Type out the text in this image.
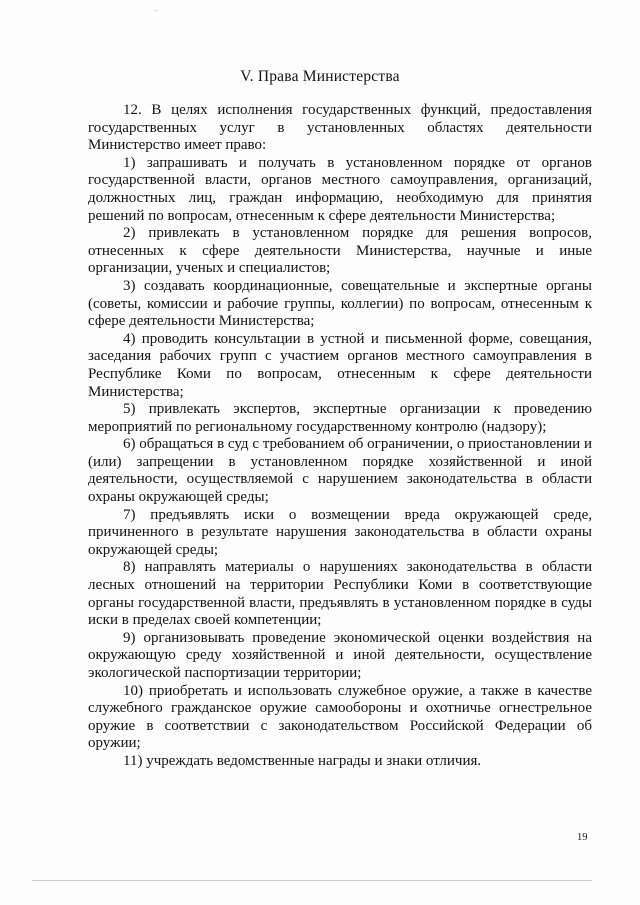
V. Права Министерства

12. В целях исполнения государственных функций, предоставления государственных услуг в установленных областях деятельности Министерство имеет право:

1) запрашивать и получать в установленном порядке от органов государственной власти, органов местного самоуправления, организаций, должностных лиц, граждан информацию, необходимую для принятия решений по вопросам, отнесенным к сфере деятельности Министерства;

2) привлекать в установленном порядке для решения вопросов, отнесенных к сфере деятельности Министерства, научные и иные организации, ученых и специалистов;

3) создавать координационные, совещательные и экспертные органы (советы, комиссии и рабочие группы, коллегии) по вопросам, отнесенным к сфере деятельности Министерства;

4) проводить консультации в устной и письменной форме, совещания, заседания рабочих групп с участием органов местного самоуправления в Республике Коми по вопросам, отнесенным к сфере деятельности Министерства;

5) привлекать экспертов, экспертные организации к проведению мероприятий по региональному государственному контролю (надзору);

6) обращаться в суд с требованием об ограничении, о приостановлении и (или) запрещении в установленном порядке хозяйственной и иной деятельности, осуществляемой с нарушением законодательства в области охраны окружающей среды;

7) предъявлять иски о возмещении вреда окружающей среде, причиненного в результате нарушения законодательства в области охраны окружающей среды;

8) направлять материалы о нарушениях законодательства в области лесных отношений на территории Республики Коми в соответствующие органы государственной власти, предъявлять в установленном порядке в суды иски в пределах своей компетенции;

9) организовывать проведение экономической оценки воздействия на окружающую среду хозяйственной и иной деятельности, осуществление экологической паспортизации территории;

10) приобретать и использовать служебное оружие, а также в качестве служебного гражданское оружие самообороны и охотничье огнестрельное оружие в соответствии с законодательством Российской Федерации об оружии;

11) учреждать ведомственные награды и знаки отличия.

19
